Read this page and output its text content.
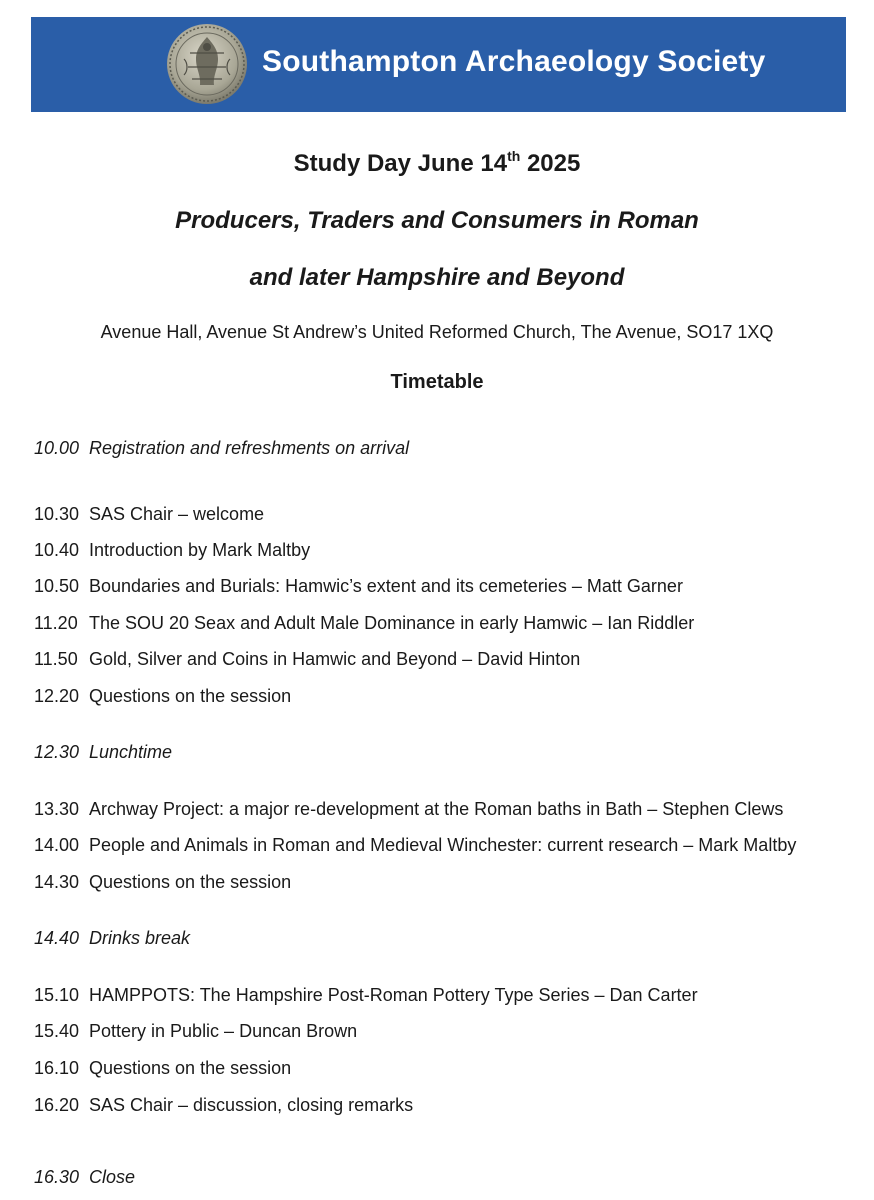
Southampton Archaeology Society
Study Day June 14th 2025
Producers, Traders and Consumers in Roman
and later Hampshire and Beyond
Avenue Hall, Avenue St Andrew’s United Reformed Church, The Avenue, SO17 1XQ
Timetable
10.00 Registration and refreshments on arrival
10.30 SAS Chair – welcome
10.40 Introduction by Mark Maltby
10.50 Boundaries and Burials: Hamwic’s extent and its cemeteries – Matt Garner
11.20 The SOU 20 Seax and Adult Male Dominance in early Hamwic – Ian Riddler
11.50 Gold, Silver and Coins in Hamwic and Beyond – David Hinton
12.20 Questions on the session
12.30 Lunchtime
13.30 Archway Project: a major re-development at the Roman baths in Bath – Stephen Clews
14.00 People and Animals in Roman and Medieval Winchester: current research – Mark Maltby
14.30 Questions on the session
14.40 Drinks break
15.10 HAMPPOTS: The Hampshire Post-Roman Pottery Type Series – Dan Carter
15.40 Pottery in Public – Duncan Brown
16.10 Questions on the session
16.20 SAS Chair – discussion, closing remarks
16.30 Close
